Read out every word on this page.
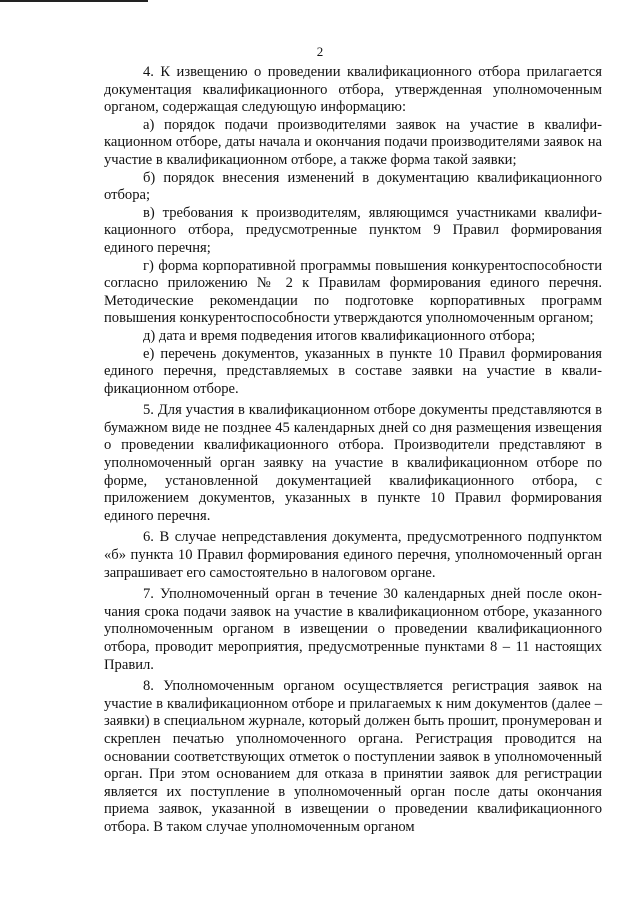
2

4. К извещению о проведении квалификационного отбора прилагается документация квалификационного отбора, утвержденная уполномоченным органом, содержащая следующую информацию:

а) порядок подачи производителями заявок на участие в квалификационном отборе, даты начала и окончания подачи производителями заявок на участие в квалификационном отборе, а также форма такой заявки;

б) порядок внесения изменений в документацию квалификационного отбора;

в) требования к производителям, являющимся участниками квалификационного отбора, предусмотренные пунктом 9 Правил формирования единого перечня;

г) форма корпоративной программы повышения конкурентоспособности согласно приложению № 2 к Правилам формирования единого перечня. Методические рекомендации по подготовке корпоративных программ повышения конкурентоспособности утверждаются уполномоченным органом;

д) дата и время подведения итогов квалификационного отбора;

е) перечень документов, указанных в пункте 10 Правил формирования единого перечня, представляемых в составе заявки на участие в квалификационном отборе.

5. Для участия в квалификационном отборе документы представляются в бумажном виде не позднее 45 календарных дней со дня размещения извещения о проведении квалификационного отбора. Производители представляют в уполномоченный орган заявку на участие в квалификационном отборе по форме, установленной документацией квалификационного отбора, с приложением документов, указанных в пункте 10 Правил формирования единого перечня.

6. В случае непредставления документа, предусмотренного подпунктом «б» пункта 10 Правил формирования единого перечня, уполномоченный орган запрашивает его самостоятельно в налоговом органе.

7. Уполномоченный орган в течение 30 календарных дней после окончания срока подачи заявок на участие в квалификационном отборе, указанного уполномоченным органом в извещении о проведении квалификационного отбора, проводит мероприятия, предусмотренные пунктами 8 – 11 настоящих Правил.

8. Уполномоченным органом осуществляется регистрация заявок на участие в квалификационном отборе и прилагаемых к ним документов (далее – заявки) в специальном журнале, который должен быть прошит, пронумерован и скреплен печатью уполномоченного органа. Регистрация проводится на основании соответствующих отметок о поступлении заявок в уполномоченный орган. При этом основанием для отказа в принятии заявок для регистрации является их поступление в уполномоченный орган после даты окончания приема заявок, указанной в извещении о проведении квалификационного отбора. В таком случае уполномоченным органом
